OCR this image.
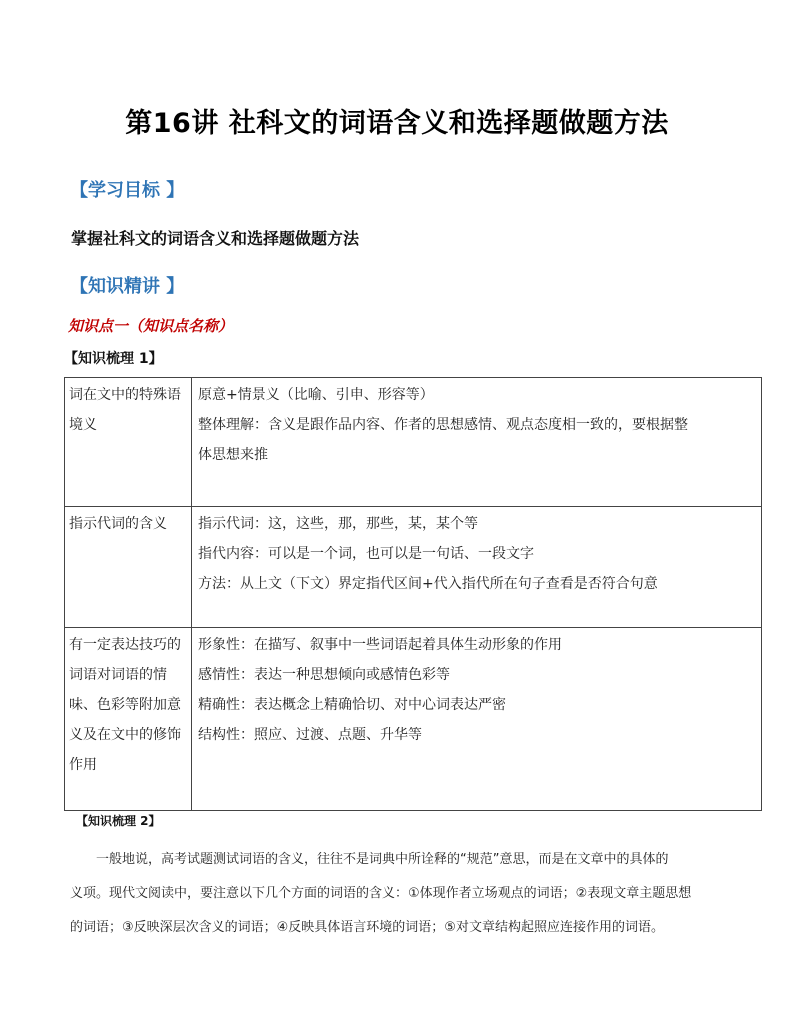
第16讲 社科文的词语含义和选择题做题方法
【学习目标 】
掌握社科文的词语含义和选择题做题方法
【知识精讲 】
知识点一（知识点名称）
【知识梳理 1】
词在文中的特殊语境义	原意+情景义（比喻、引申、形容等）
整体理解：含义是跟作品内容、作者的思想感情、观点态度相一致的，要根据整
体思想来推

指示代词的含义	指示代词：这，这些，那，那些，某，某个等
指代内容：可以是一个词，也可以是一句话、一段文字
方法：从上文（下文）界定指代区间+代入指代所在句子查看是否符合句意

有一定表达技巧的词语对词语的情味、色彩等附加意义及在文中的修饰作用	形象性：在描写、叙事中一些词语起着具体生动形象的作用
感情性：表达一种思想倾向或感情色彩等
精确性：表达概念上精确恰切、对中心词表达严密
结构性：照应、过渡、点题、升华等
【知识梳理 2】
一般地说，高考试题测试词语的含义，往往不是词典中所诠释的“规范”意思，而是在文章中的具体的
义项。现代文阅读中，要注意以下几个方面的词语的含义：①体现作者立场观点的词语；②表现文章主题思想
的词语；③反映深层次含义的词语；④反映具体语言环境的词语；⑤对文章结构起照应连接作用的词语。
